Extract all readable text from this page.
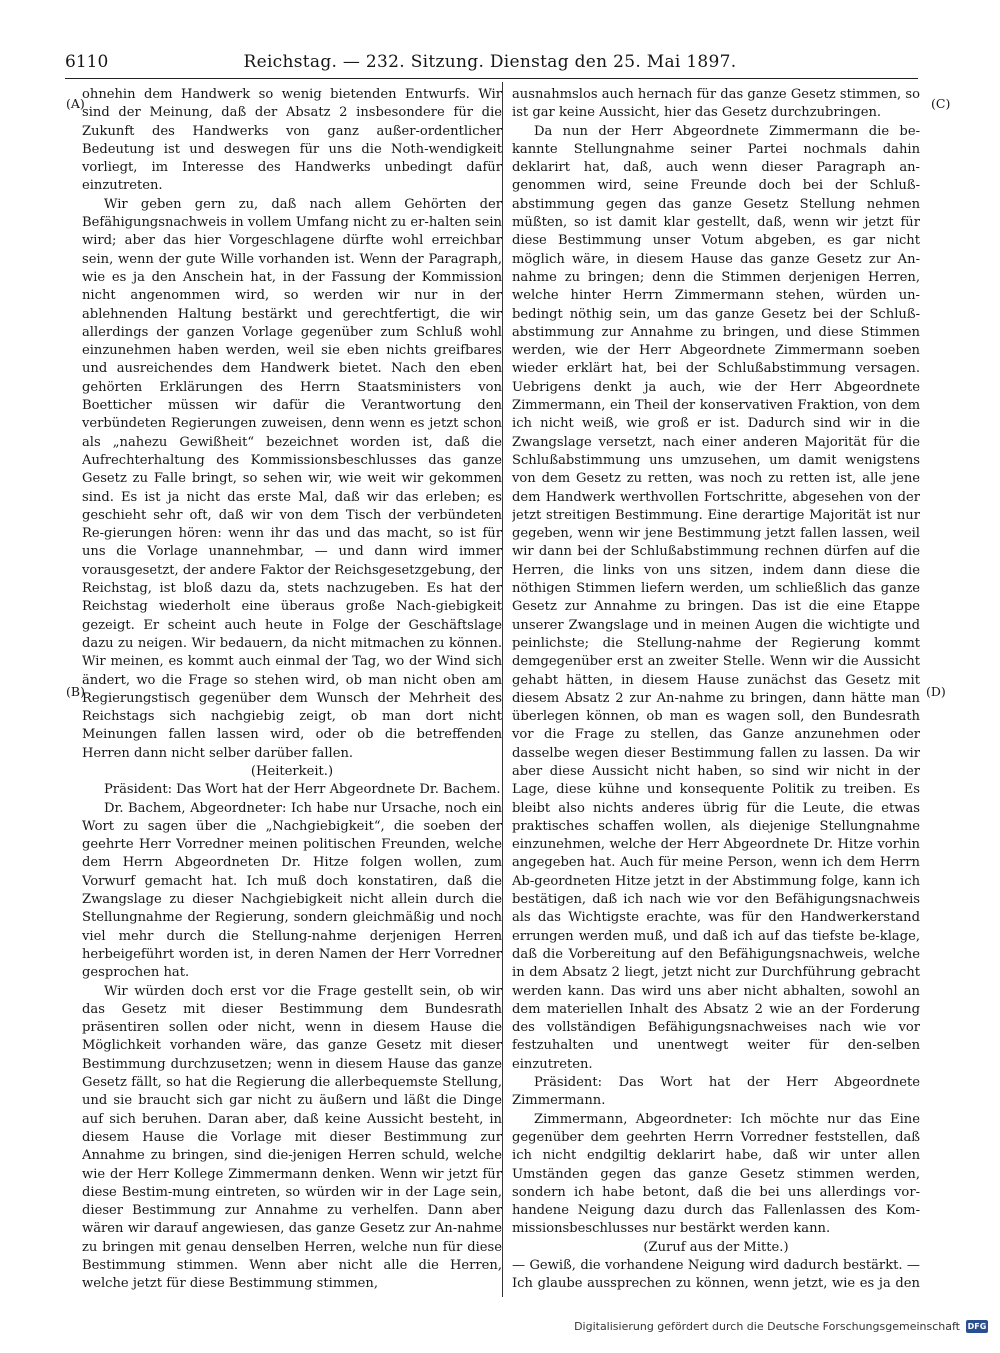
6110	Reichstag. — 232. Sitzung. Dienstag den 25. Mai 1897.
(A)
(B)
(C)
(D)

ohnehin dem Handwerk so wenig bietenden Entwurfs. Wir sind der Meinung, daß der Absatz 2 insbesondere für die Zukunft des Handwerks von ganz außer-ordentlicher Bedeutung ist und deswegen für uns die Noth-wendigkeit vorliegt, im Interesse des Handwerks unbedingt dafür einzutreten.

Wir geben gern zu, daß nach allem Gehörten der Befähigungsnachweis in vollem Umfang nicht zu er-halten sein wird; aber das hier Vorgeschlagene dürfte wohl erreichbar sein, wenn der gute Wille vorhanden ist. Wenn der Paragraph, wie es ja den Anschein hat, in der Fassung der Kommission nicht angenommen wird, so werden wir nur in der ablehnenden Haltung bestärkt und gerechtfertigt, die wir allerdings der ganzen Vorlage gegenüber zum Schluß wohl einzunehmen haben werden, weil sie eben nichts greifbares und ausreichendes dem Handwerk bietet. Nach den eben gehörten Erklärungen des Herrn Staatsministers von Boetticher müssen wir dafür die Verantwortung den verbündeten Regierungen zuweisen, denn wenn es jetzt schon als „nahezu Gewißheit“ bezeichnet worden ist, daß die Aufrechterhaltung des Kommissionsbeschlusses das ganze Gesetz zu Falle bringt, so sehen wir, wie weit wir gekommen sind. Es ist ja nicht das erste Mal, daß wir das erleben; es geschieht sehr oft, daß wir von dem Tisch der verbündeten Re-gierungen hören: wenn ihr das und das macht, so ist für uns die Vorlage unannehmbar, — und dann wird immer vorausgesetzt, der andere Faktor der Reichsgesetzgebung, der Reichstag, ist bloß dazu da, stets nachzugeben. Es hat der Reichstag wiederholt eine überaus große Nach-giebigkeit gezeigt. Er scheint auch heute in Folge der Geschäftslage dazu zu neigen. Wir bedauern, da nicht mitmachen zu können. Wir meinen, es kommt auch einmal der Tag, wo der Wind sich ändert, wo die Frage so stehen wird, ob man nicht oben am Regierungstisch gegenüber dem Wunsch der Mehrheit des Reichstags sich nachgiebig zeigt, ob man dort nicht Meinungen fallen lassen wird, oder ob die betreffenden Herren dann nicht selber darüber fallen.

(Heiterkeit.)

Präsident: Das Wort hat der Herr Abgeordnete Dr. Bachem.

Dr. Bachem, Abgeordneter: Ich habe nur Ursache, noch ein Wort zu sagen über die „Nachgiebigkeit“, die soeben der geehrte Herr Vorredner meinen politischen Freunden, welche dem Herrn Abgeordneten Dr. Hitze folgen wollen, zum Vorwurf gemacht hat. Ich muß doch konstatiren, daß die Zwangslage zu dieser Nachgiebigkeit nicht allein durch die Stellungnahme der Regierung, sondern gleichmäßig und noch viel mehr durch die Stellung-nahme derjenigen Herren herbeigeführt worden ist, in deren Namen der Herr Vorredner gesprochen hat.

Wir würden doch erst vor die Frage gestellt sein, ob wir das Gesetz mit dieser Bestimmung dem Bundesrath präsentiren sollen oder nicht, wenn in diesem Hause die Möglichkeit vorhanden wäre, das ganze Gesetz mit dieser Bestimmung durchzusetzen; wenn in diesem Hause das ganze Gesetz fällt, so hat die Regierung die allerbequemste Stellung, und sie braucht sich gar nicht zu äußern und läßt die Dinge auf sich beruhen. Daran aber, daß keine Aussicht besteht, in diesem Hause die Vorlage mit dieser Bestimmung zur Annahme zu bringen, sind die-jenigen Herren schuld, welche wie der Herr Kollege Zimmermann denken. Wenn wir jetzt für diese Bestim-mung eintreten, so würden wir in der Lage sein, dieser Bestimmung zur Annahme zu verhelfen. Dann aber wären wir darauf angewiesen, das ganze Gesetz zur An-nahme zu bringen mit genau denselben Herren, welche nun für diese Bestimmung stimmen. Wenn aber nicht alle die Herren, welche jetzt für diese Bestimmung stimmen,

ausnahmslos auch hernach für das ganze Gesetz stimmen, so ist gar keine Aussicht, hier das Gesetz durchzubringen.

Da nun der Herr Abgeordnete Zimmermann die be-kannte Stellungnahme seiner Partei nochmals dahin deklarirt hat, daß, auch wenn dieser Paragraph an-genommen wird, seine Freunde doch bei der Schluß-abstimmung gegen das ganze Gesetz Stellung nehmen müßten, so ist damit klar gestellt, daß, wenn wir jetzt für diese Bestimmung unser Votum abgeben, es gar nicht möglich wäre, in diesem Hause das ganze Gesetz zur An-nahme zu bringen; denn die Stimmen derjenigen Herren, welche hinter Herrn Zimmermann stehen, würden un-bedingt nöthig sein, um das ganze Gesetz bei der Schluß-abstimmung zur Annahme zu bringen, und diese Stimmen werden, wie der Herr Abgeordnete Zimmermann soeben wieder erklärt hat, bei der Schlußabstimmung versagen. Uebrigens denkt ja auch, wie der Herr Abgeordnete Zimmermann, ein Theil der konservativen Fraktion, von dem ich nicht weiß, wie groß er ist. Dadurch sind wir in die Zwangslage versetzt, nach einer anderen Majorität für die Schlußabstimmung uns umzusehen, um damit wenigstens von dem Gesetz zu retten, was noch zu retten ist, alle jene dem Handwerk werthvollen Fortschritte, abgesehen von der jetzt streitigen Bestimmung. Eine derartige Majorität ist nur gegeben, wenn wir jene Bestimmung jetzt fallen lassen, weil wir dann bei der Schlußabstimmung rechnen dürfen auf die Herren, die links von uns sitzen, indem dann diese die nöthigen Stimmen liefern werden, um schließlich das ganze Gesetz zur Annahme zu bringen. Das ist die eine Etappe unserer Zwangslage und in meinen Augen die wichtigte und peinlichste; die Stellung-nahme der Regierung kommt demgegenüber erst an zweiter Stelle. Wenn wir die Aussicht gehabt hätten, in diesem Hause zunächst das Gesetz mit diesem Absatz 2 zur An-nahme zu bringen, dann hätte man überlegen können, ob man es wagen soll, den Bundesrath vor die Frage zu stellen, das Ganze anzunehmen oder dasselbe wegen dieser Bestimmung fallen zu lassen. Da wir aber diese Aussicht nicht haben, so sind wir nicht in der Lage, diese kühne und konsequente Politik zu treiben. Es bleibt also nichts anderes übrig für die Leute, die etwas praktisches schaffen wollen, als diejenige Stellungnahme einzunehmen, welche der Herr Abgeordnete Dr. Hitze vorhin angegeben hat. Auch für meine Person, wenn ich dem Herrn Ab-geordneten Hitze jetzt in der Abstimmung folge, kann ich bestätigen, daß ich nach wie vor den Befähigungsnachweis als das Wichtigste erachte, was für den Handwerkerstand errungen werden muß, und daß ich auf das tiefste be-klage, daß die Vorbereitung auf den Befähigungsnachweis, welche in dem Absatz 2 liegt, jetzt nicht zur Durchführung gebracht werden kann. Das wird uns aber nicht abhalten, sowohl an dem materiellen Inhalt des Absatz 2 wie an der Forderung des vollständigen Befähigungsnachweises nach wie vor festzuhalten und unentwegt weiter für den-selben einzutreten.

Präsident: Das Wort hat der Herr Abgeordnete Zimmermann.

Zimmermann, Abgeordneter: Ich möchte nur das Eine gegenüber dem geehrten Herrn Vorredner feststellen, daß ich nicht endgiltig deklarirt habe, daß wir unter allen Umständen gegen das ganze Gesetz stimmen werden, sondern ich habe betont, daß die bei uns allerdings vor-handene Neigung dazu durch das Fallenlassen des Kom-missionsbeschlusses nur bestärkt werden kann.

(Zuruf aus der Mitte.)

— Gewiß, die vorhandene Neigung wird dadurch bestärkt. — Ich glaube aussprechen zu können, wenn jetzt, wie es ja den

Digitalisierung gefördert durch die Deutsche Forschungsgemeinschaft DFG
